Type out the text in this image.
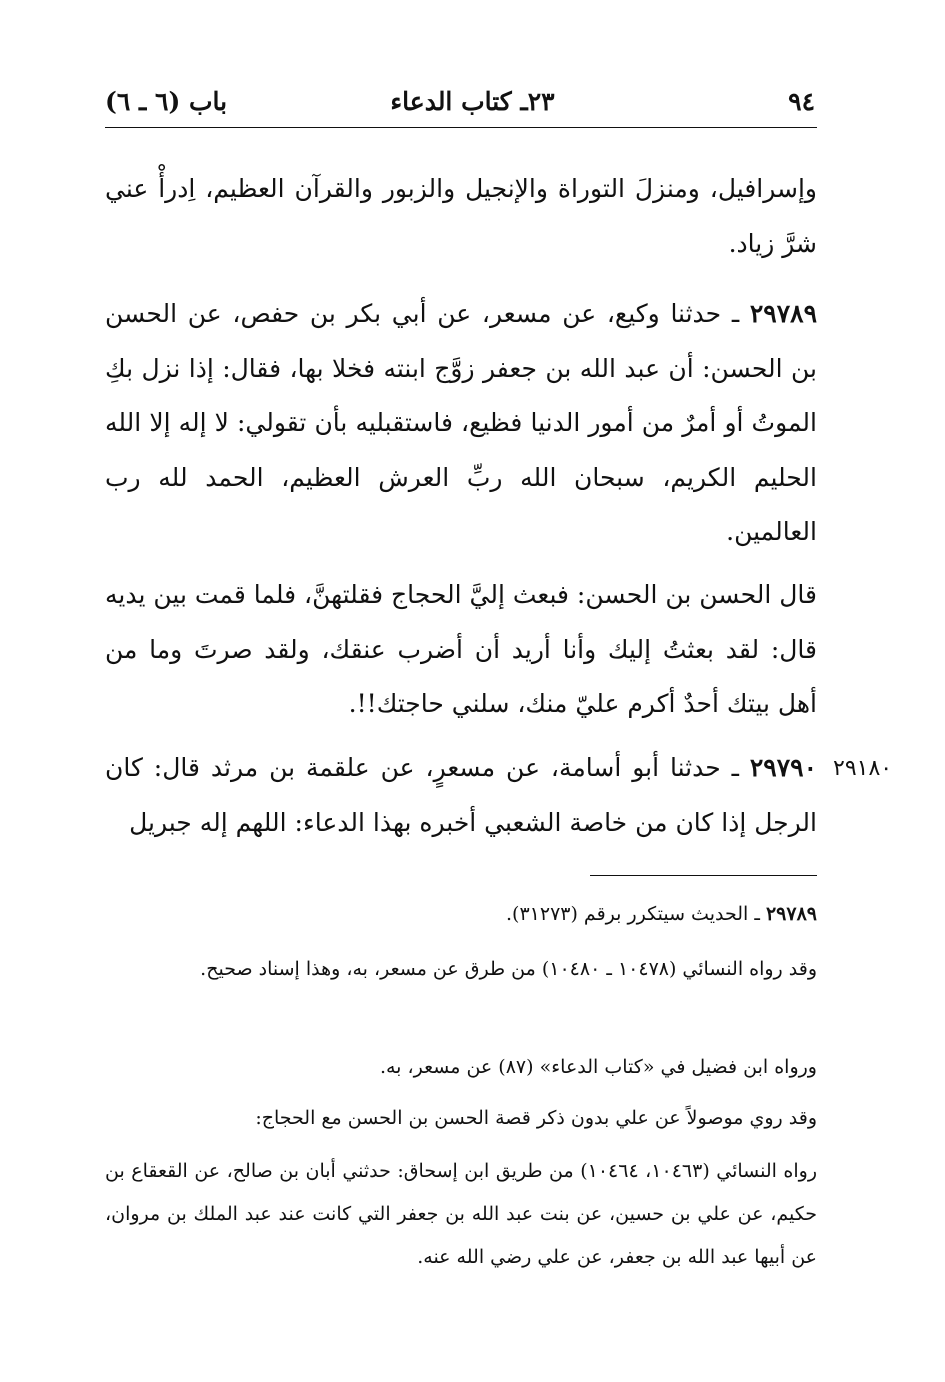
٩٤
٢٣ـ كتاب الدعاء
باب (٦ ـ ٦)

وإسرافيل، ومنزلَ التوراة والإنجيل والزبور والقرآن العظيم، اِدرأْ عني شرَّ زياد.

٢٩٧٨٩ ـ حدثنا وكيع، عن مسعر، عن أبي بكر بن حفص، عن الحسن بن الحسن: أن عبد الله بن جعفر زوَّج ابنته فخلا بها، فقال: إذا نزل بكِ الموتُ أو أمرٌ من أمور الدنيا فظيع، فاستقبليه بأن تقولي: لا إله إلا الله الحليم الكريم، سبحان الله ربِّ العرش العظيم، الحمد لله رب العالمين.

قال الحسن بن الحسن: فبعث إليَّ الحجاج فقلتهنَّ، فلما قمت بين يديه قال: لقد بعثتُ إليك وأنا أريد أن أضرب عنقك، ولقد صرتَ وما من أهل بيتك أحدٌ أكرم عليّ منك، سلني حاجتك!!.

٢٩١٨٠

٢٩٧٩٠ ـ حدثنا أبو أسامة، عن مسعرٍ، عن علقمة بن مرثد قال: كان الرجل إذا كان من خاصة الشعبي أخبره بهذا الدعاء: اللهم إله جبريل

٢٩٧٨٩ ـ الحديث سيتكرر برقم (٣١٢٧٣).

وقد رواه النسائي (١٠٤٧٨ ـ ١٠٤٨٠) من طرق عن مسعر، به، وهذا إسناد صحيح.

ورواه ابن فضيل في «كتاب الدعاء» (٨٧) عن مسعر، به.

وقد روي موصولاً عن علي بدون ذكر قصة الحسن بن الحسن مع الحجاج:

رواه النسائي (١٠٤٦٣، ١٠٤٦٤) من طريق ابن إسحاق: حدثني أبان بن صالح، عن القعقاع بن حكيم، عن علي بن حسين، عن بنت عبد الله بن جعفر التي كانت عند عبد الملك بن مروان، عن أبيها عبد الله بن جعفر، عن علي رضي الله عنه.
